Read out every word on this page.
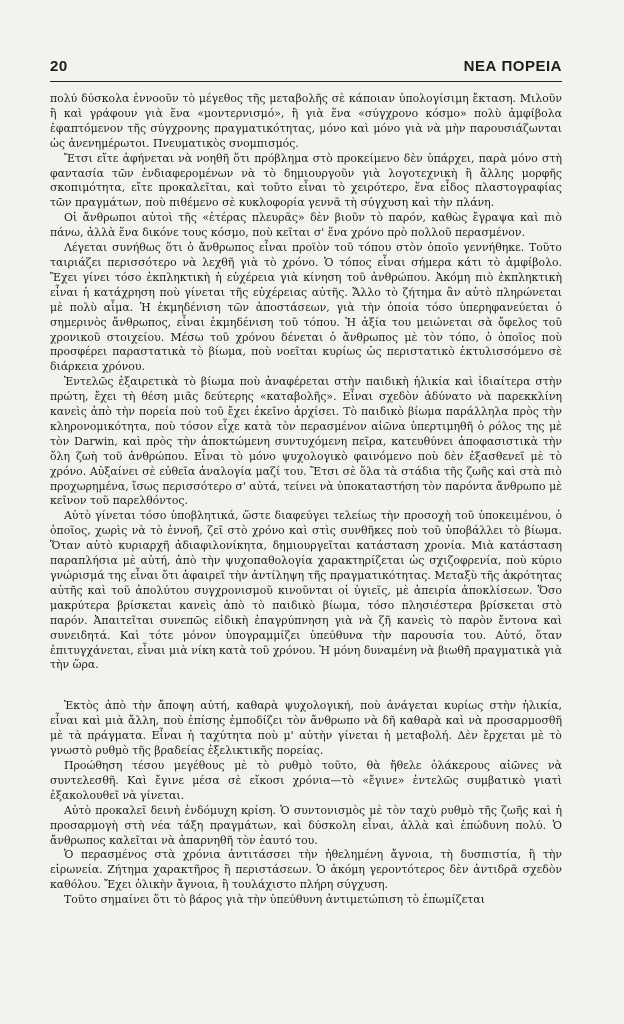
20	ΝΕΑ ΠΟΡΕΙΑ

πολύ δύσκολα ἐννοοῦν τὸ μέγεθος τῆς μεταβολῆς σὲ κάποιαν ὑπολογίσιμη ἔκταση. Μιλοῦν ἢ καὶ γράφουν γιὰ ἕνα «μοντερνισμό», ἢ γιὰ ἕνα «σύγχρονο κόσμο» πολὺ ἀμφίβολα ἐφαπτόμενον τῆς σύγχρονης πραγματικότητας, μόνο καὶ μόνο γιὰ νὰ μὴν παρουσιάζωνται ὡς ἀνενημέρωτοι. Πνευματικὸς σνομπισμός.

Ἔτσι εἴτε ἀφήνεται νὰ νοηθῆ ὅτι πρόβλημα στὸ προκείμενο δὲν ὑπάρχει, παρὰ μόνο στὴ φαντασία τῶν ἐνδιαφερομένων νὰ τὸ δημιουργοῦν γιὰ λογοτεχνικὴ ἢ ἄλλης μορφῆς σκοπιμότητα, εἴτε προκαλεῖται, καὶ τοῦτο εἶναι τὸ χειρότερο, ἕνα εἶδος πλαστογραφίας τῶν πραγμάτων, ποὺ πιθέμενο σὲ κυκλοφορία γεννᾶ τὴ σύγχυση καὶ τὴν πλάνη.

Οἱ ἄνθρωποι αὐτοὶ τῆς «ἑτέρας πλευρᾶς» δὲν βιοῦν τὸ παρόν, καθὼς ἔγραψα καὶ πιὸ πάνω, ἀλλὰ ἕνα δικόνε τους κόσμο, ποὺ κεῖται σ' ἕνα χρόνο πρὸ πολλοῦ περασμένον.

Λέγεται συνήθως ὅτι ὁ ἄνθρωπος εἶναι προϊὸν τοῦ τόπου στὸν ὁποῖο γεννήθηκε. Τοῦτο ταιριάζει περισσότερο νὰ λεχθῆ γιὰ τὸ χρόνο. Ὁ τόπος εἶναι σήμερα κάτι τὸ ἀμφίβολο. Ἔχει γίνει τόσο ἐκπληκτικὴ ἡ εὐχέρεια γιὰ κίνηση τοῦ ἀνθρώπου. Ἀκόμη πιὸ ἐκπληκτικὴ εἶναι ἡ κατάχρηση ποὺ γίνεται τῆς εὐχέρειας αὐτῆς. Ἄλλο τὸ ζήτημα ἂν αὐτὸ πληρώνεται μὲ πολὺ αἷμα. Ἡ ἐκμηδένιση τῶν ἀποστάσεων, γιὰ τὴν ὁποία τόσο ὑπερηφανεύεται ὁ σημερινὸς ἄνθρωπος, εἶναι ἐκμηδένιση τοῦ τόπου. Ἡ ἀξία του μειώνεται σὰ ὄφελος τοῦ χρονικοῦ στοιχείου. Μέσω τοῦ χρόνου δένεται ὁ ἄνθρωπος μὲ τὸν τόπο, ὁ ὁποῖος ποὺ προσφέρει παραστατικὰ τὸ βίωμα, ποὺ νοεῖται κυρίως ὡς περιστατικὸ ἐκτυλισσόμενο σὲ διάρκεια χρόνου.

Ἐντελῶς ἐξαιρετικὰ τὸ βίωμα ποὺ ἀναφέρεται στὴν παιδικὴ ἡλικία καὶ ἰδιαίτερα στὴν πρώτη, ἔχει τὴ θέση μιᾶς δεύτερης «καταβολῆς». Εἶναι σχεδὸν ἀδύνατο νὰ παρεκκλίνη κανεὶς ἀπὸ τὴν πορεία ποὺ τοῦ ἔχει ἐκεῖνο ἀρχίσει. Τὸ παιδικὸ βίωμα παράλληλα πρὸς τὴν κληρονομικότητα, ποὺ τόσον εἶχε κατὰ τὸν περασμένον αἰῶνα ὑπερτιμηθῆ ὁ ρόλος της μὲ τὸν Darwin, καὶ πρὸς τὴν ἀποκτώμενη συντυχόμενη πεῖρα, κατευθύνει ἀποφασιστικὰ τὴν ὅλη ζωὴ τοῦ ἀνθρώπου. Εἶναι τὸ μόνο ψυχολογικὸ φαινόμενο ποὺ δὲν ἐξασθενεῖ μὲ τὸ χρόνο. Αὐξαίνει σὲ εὐθεῖα ἀναλογία μαζί του. Ἔτσι σὲ ὅλα τὰ στάδια τῆς ζωῆς καὶ στὰ πιὸ προχωρημένα, ἴσως περισσότερο σ' αὐτά, τείνει νὰ ὑποκαταστήση τὸν παρόντα ἄνθρωπο μὲ κεῖνον τοῦ παρελθόντος.

Αὐτὸ γίνεται τόσο ὑποβλητικά, ὥστε διαφεύγει τελείως τὴν προσοχὴ τοῦ ὑποκειμένου, ὁ ὁποῖος, χωρὶς νὰ τὸ ἐννοῆ, ζεῖ στὸ χρόνο καὶ στὶς συνθῆκες ποὺ τοῦ ὑποβάλλει τὸ βίωμα. Ὅταν αὐτὸ κυριαρχῆ ἀδιαφιλονίκητα, δημιουργεῖται κατάσταση χρονία. Μιὰ κατάσταση παραπλήσια μὲ αὐτή, ἀπὸ τὴν ψυχοπαθολογία χαρακτηρίζεται ὡς σχιζοφρενία, ποὺ κύριο γνώρισμά της εἶναι ὅτι ἀφαιρεῖ τὴν ἀντίληψη τῆς πραγματικότητας. Μεταξὺ τῆς ἀκρότητας αὐτῆς καὶ τοῦ ἀπολύτου συγχρονισμοῦ κινοῦνται οἱ ὑγιεῖς, μὲ ἀπειρία ἀποκλίσεων. Ὅσο μακρύτερα βρίσκεται κανεὶς ἀπὸ τὸ παιδικὸ βίωμα, τόσο πλησιέστερα βρίσκεται στὸ παρόν. Ἀπαιτεῖται συνεπῶς εἰδικὴ ἐπαγρύπνηση γιὰ νὰ ζῆ κανεὶς τὸ παρὸν ἔντονα καὶ συνειδητά. Καὶ τότε μόνον ὑπογραμμίζει ὑπεύθυνα τὴν παρουσία του. Αὐτό, ὅταν ἐπιτυγχάνεται, εἶναι μιὰ νίκη κατὰ τοῦ χρόνου. Ἡ μόνη δυναμένη νὰ βιωθῆ πραγματικὰ γιὰ τὴν ὥρα.

Ἐκτὸς ἀπὸ τὴν ἄποψη αὐτή, καθαρὰ ψυχολογική, ποὺ ἀνάγεται κυρίως στὴν ἡλικία, εἶναι καὶ μιὰ ἄλλη, ποὺ ἐπίσης ἐμποδίζει τὸν ἄνθρωπο νὰ δῆ καθαρὰ καὶ νὰ προσαρμοσθῆ μὲ τὰ πράγματα. Εἶναι ἡ ταχύτητα ποὺ μ' αὐτὴν γίνεται ἡ μεταβολή. Δὲν ἔρχεται μὲ τὸ γνωστὸ ρυθμὸ τῆς βραδείας ἐξελικτικῆς πορείας.

Προώθηση τέσου μεγέθους μὲ τὸ ρυθμὸ τοῦτο, θὰ ἤθελε ὁλάκερους αἰῶνες νὰ συντελεσθῆ. Καὶ ἔγινε μέσα σὲ εἴκοσι χρόνια—τὸ «ἔγινε» ἐντελῶς συμβατικὸ γιατὶ ἐξακολουθεῖ νὰ γίνεται.

Αὐτὸ προκαλεῖ δεινὴ ἐνδόμυχη κρίση. Ὁ συντονισμὸς μὲ τὸν ταχὺ ρυθμὸ τῆς ζωῆς καὶ ἡ προσαρμογὴ στὴ νέα τάξη πραγμάτων, καὶ δύσκολη εἶναι, ἀλλὰ καὶ ἐπώδυνη πολύ. Ὁ ἄνθρωπος καλεῖται νὰ ἀπαρνηθῆ τὸν ἑαυτό του.

Ὁ περασμένος στὰ χρόνια ἀντιτάσσει τὴν ἠθελημένη ἄγνοια, τὴ δυσπιστία, ἢ τὴν εἰρωνεία. Ζήτημα χαρακτῆρος ἢ περιστάσεων. Ὁ ἀκόμη γεροντότερος δὲν ἀντιδρᾶ σχεδὸν καθόλου. Ἔχει ὁλικὴν ἄγνοια, ἢ τουλάχιστο πλήρη σύγχυση.

Τοῦτο σημαίνει ὅτι τὸ βάρος γιὰ τὴν ὑπεύθυνη ἀντιμετώπιση τὸ ἐπωμίζεται
